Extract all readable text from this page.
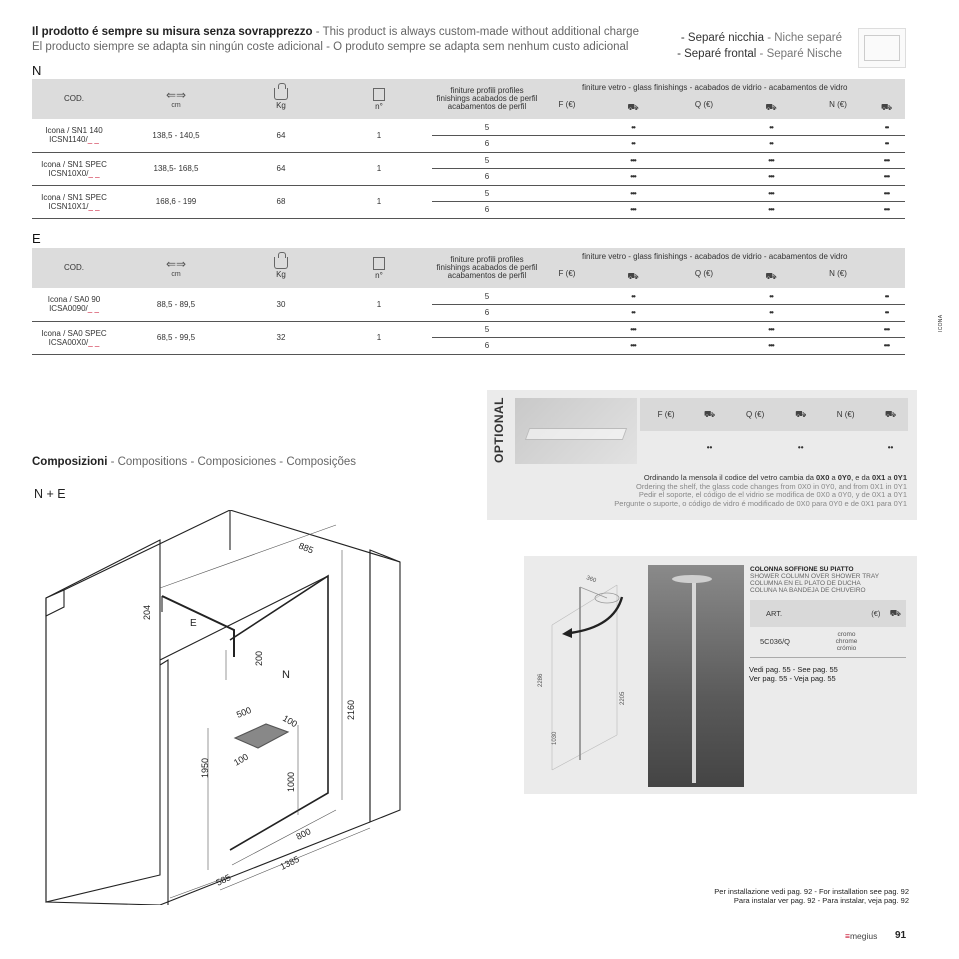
Il prodotto é sempre su misura senza sovrapprezzo - This product is always custom-made without additional charge
El producto siempre se adapta sin ningún coste adicional - O produto sempre se adapta sem nenhum custo adicional
- Separé nicchia - Niche separé
- Separé frontal - Separé Nische
N
COD.	⇐⇒
cm	Kg	n°	finiture profili profiles finishings acabados de perfil acabamentos de perfil	F (€)	finiture vetro - glass finishings - acabados de vidrio - acabamentos de vidro
⛟	Q (€)	⛟	N (€)	⛟

Icona / SN1 140
ICSN1140/_ _	138,5 - 140,5	64	1	5		••		••		••
				6		••		••		••

Icona / SN1 SPEC
ICSN10X0/_ _	138,5- 168,5	64	1	5		•••		•••		•••
				6		•••		•••		•••

Icona / SN1 SPEC
ICSN10X1/_ _	168,6 - 199	68	1	5		•••		•••		•••
				6		•••		•••		•••
E
COD.	⇐⇒
cm	Kg	n°	finiture profili profiles finishings acabados de perfil acabamentos de perfil	F (€)	finiture vetro - glass finishings - acabados de vidrio - acabamentos de vidro
⛟	Q (€)	⛟	N (€)	

Icona / SA0 90
ICSA0090/_ _	88,5 - 89,5	30	1	5		••		••		••
				6		••		••		••

Icona / SA0 SPEC
ICSA00X0/_ _	68,5 - 99,5	32	1	5		•••		•••		•••
				6		•••		•••		•••
ICONA
OPTIONAL	F (€)	⛟	Q (€)	⛟	N (€)	⛟
	••		••		••
Ordinando la mensola il codice del vetro cambia da 0X0 a 0Y0, e da 0X1 a 0Y1
Ordering the shelf, the glass code changes from 0X0 in 0Y0, and from 0X1 in 0Y1
Pedir el soporte, el código de el vidrio se modifica de 0X0 a 0Y0, y de 0X1 a 0Y1
Pergunte o suporte, o código de vidro é modificado de 0X0 para 0Y0 e de 0X1 para 0Y1
360
2286
2205
1030
COLONNA SOFFIONE SU PIATTO
SHOWER COLUMN OVER SHOWER TRAY
COLUMNA EN EL PLATO DE DUCHA
COLUNA NA BANDEJA DE CHUVEIRO
ART.		(€)	⛟
5C036/Q	cromo
chrome
crómio		

Vedi pag. 55 - See pag. 55
Ver pag. 55 - Veja pag. 55
Composizioni - Compositions - Composiciones - Composições
N + E
885
204
E
200
N
2160
500
100
100
1950
1000
800
585
1385
Per installazione vedi pag. 92 - For installation see pag. 92
Para instalar ver pag. 92 - Para instalar, veja pag. 92
≡megius 91
